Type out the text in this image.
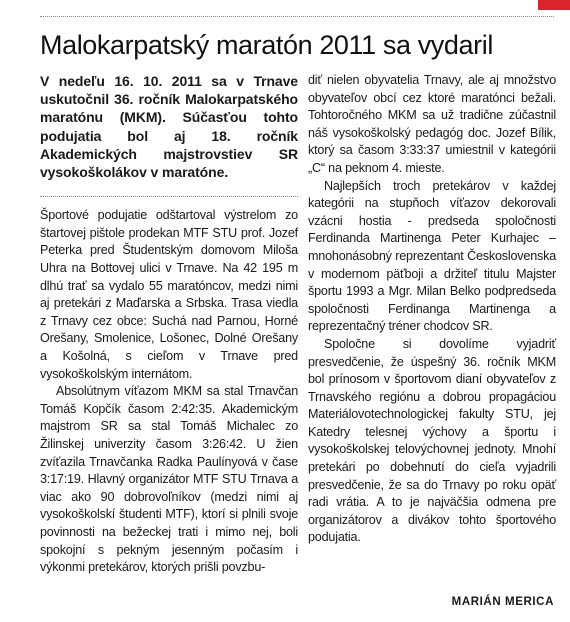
Malokarpatský maratón 2011 sa vydaril

V nedeľu 16. 10. 2011 sa v Trnave uskutočnil 36. ročník Malokarpatského maratónu (MKM). Súčasťou tohto podujatia bol aj 18. ročník Akademických majstrovstiev SR vysokoškolákov v maratóne.

Športové podujatie odštartoval výstrelom zo štartovej pištole prodekan MTF STU prof. Jozef Peterka pred Študentským domovom Miloša Uhra na Bottovej ulici v Trnave. Na 42 195 m dlhú trať sa vydalo 55 maratóncov, medzi nimi aj pretekári z Maďarska a Srbska. Trasa viedla z Trnavy cez obce: Suchá nad Parnou, Horné Orešany, Smolenice, Lošonec, Dolné Orešany a Košolná, s cieľom v Trnave pred vysokoškolským internátom.

Absolútnym víťazom MKM sa stal Trnavčan Tomáš Kopčík časom 2:42:35. Akademickým majstrom SR sa stal Tomáš Michalec zo Žilinskej univerzity časom 3:26:42. U žien zvíťazila Trnavčanka Radka Paulínyová v čase 3:17:19. Hlavný organizátor MTF STU Trnava a viac ako 90 dobrovoľníkov (medzi nimi aj vysokoškolskí študenti MTF), ktorí si plnili svoje povinnosti na bežeckej trati i mimo nej, boli spokojní s pekným jesenným počasím i výkonmi pretekárov, ktorých prišli povzbu-

diť nielen obyvatelia Trnavy, ale aj množstvo obyvateľov obcí cez ktoré maratónci bežali. Tohtoročného MKM sa už tradične zúčastnil náš vysokoškolský pedagóg doc. Jozef Bílik, ktorý sa časom 3:33:37 umiestnil v kategórii „C“ na peknom 4. mieste.

Najlepších troch pretekárov v každej kategórii na stupňoch víťazov dekorovali vzácni hostia - predseda spoločnosti Ferdinanda Martinenga Peter Kurhajec – mnohonásobný reprezentant Československa v modernom päťboji a držiteľ titulu Majster športu 1993 a Mgr. Milan Belko podpredseda spoločnosti Ferdinanga Martinenga a reprezentačný tréner chodcov SR.

Spoločne si dovolíme vyjadriť presvedčenie, že úspešný 36. ročník MKM bol prínosom v športovom dianí obyvateľov z Trnavského regiónu a dobrou propagáciou Materiálovotechnologickej fakulty STU, jej Katedry telesnej výchovy a športu i vysokoškolskej telovýchovnej jednoty. Mnohí pretekári po dobehnutí do cieľa vyjadrili presvedčenie, že sa do Trnavy po roku opäť radi vrátia. A to je najväčšia odmena pre organizátorov a divákov tohto športového podujatia.

MARIÁN MERICA
